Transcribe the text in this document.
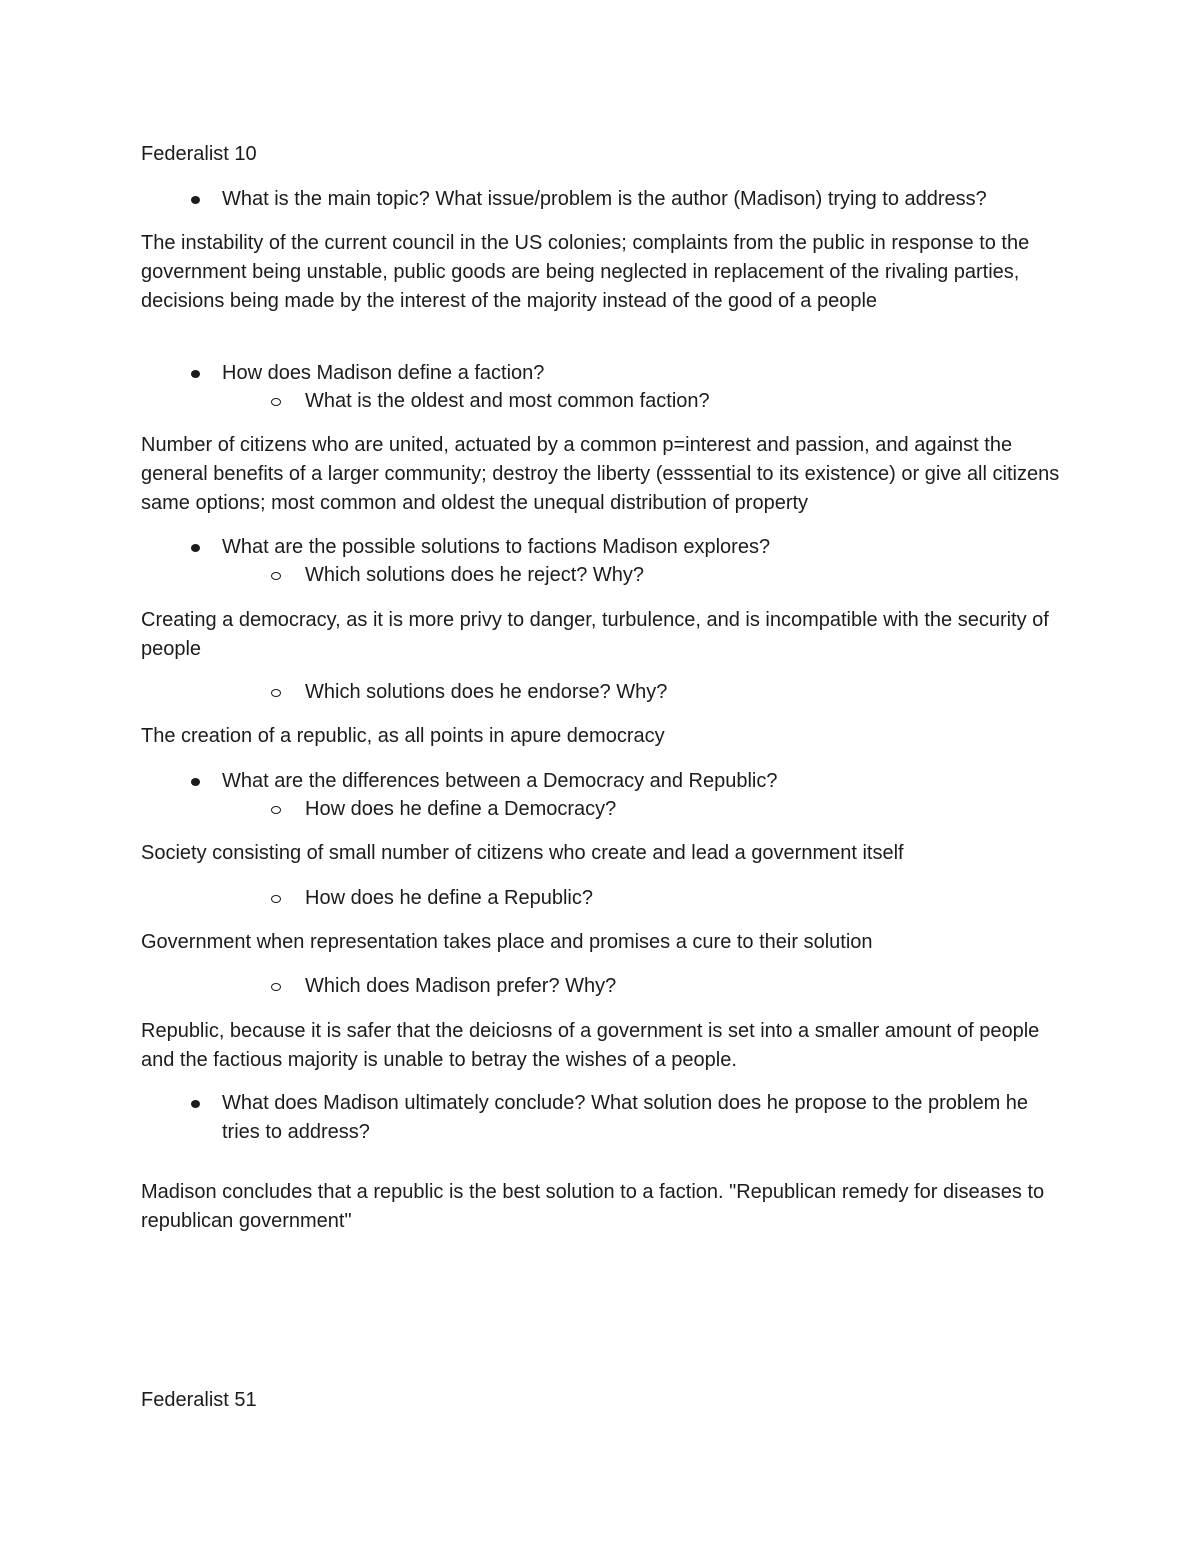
Federalist 10
What is the main topic? What issue/problem is the author (Madison) trying to address?
The instability of the current council in the US colonies; complaints from the public in response to the government being unstable, public goods are being neglected in replacement of the rivaling parties, decisions being made by the interest of the majority instead of the good of a people
How does Madison define a faction?
What is the oldest and most common faction?
Number of citizens who are united, actuated by a common p=interest and passion, and against the general benefits of a larger community; destroy the liberty (esssential to its existence) or give all citizens same options; most common and oldest the unequal distribution of property
What are the possible solutions to factions Madison explores?
Which solutions does he reject? Why?
Creating a democracy, as it is more privy to danger, turbulence, and is incompatible with the security of people
Which solutions does he endorse? Why?
The creation of a republic, as all points in apure democracy
What are the differences between a Democracy and Republic?
How does he define a Democracy?
Society consisting of small number of citizens who create and lead a government itself
How does he define a Republic?
Government when representation takes place and promises a cure to their solution
Which does Madison prefer? Why?
Republic, because it is safer that the deiciosns of a government is set into a smaller amount of people and the factious majority is unable to betray the wishes of a people.
What does Madison ultimately conclude? What solution does he propose to the problem he tries to address?
Madison concludes that a republic is the best solution to a faction. "Republican remedy for diseases to republican government"
Federalist 51
